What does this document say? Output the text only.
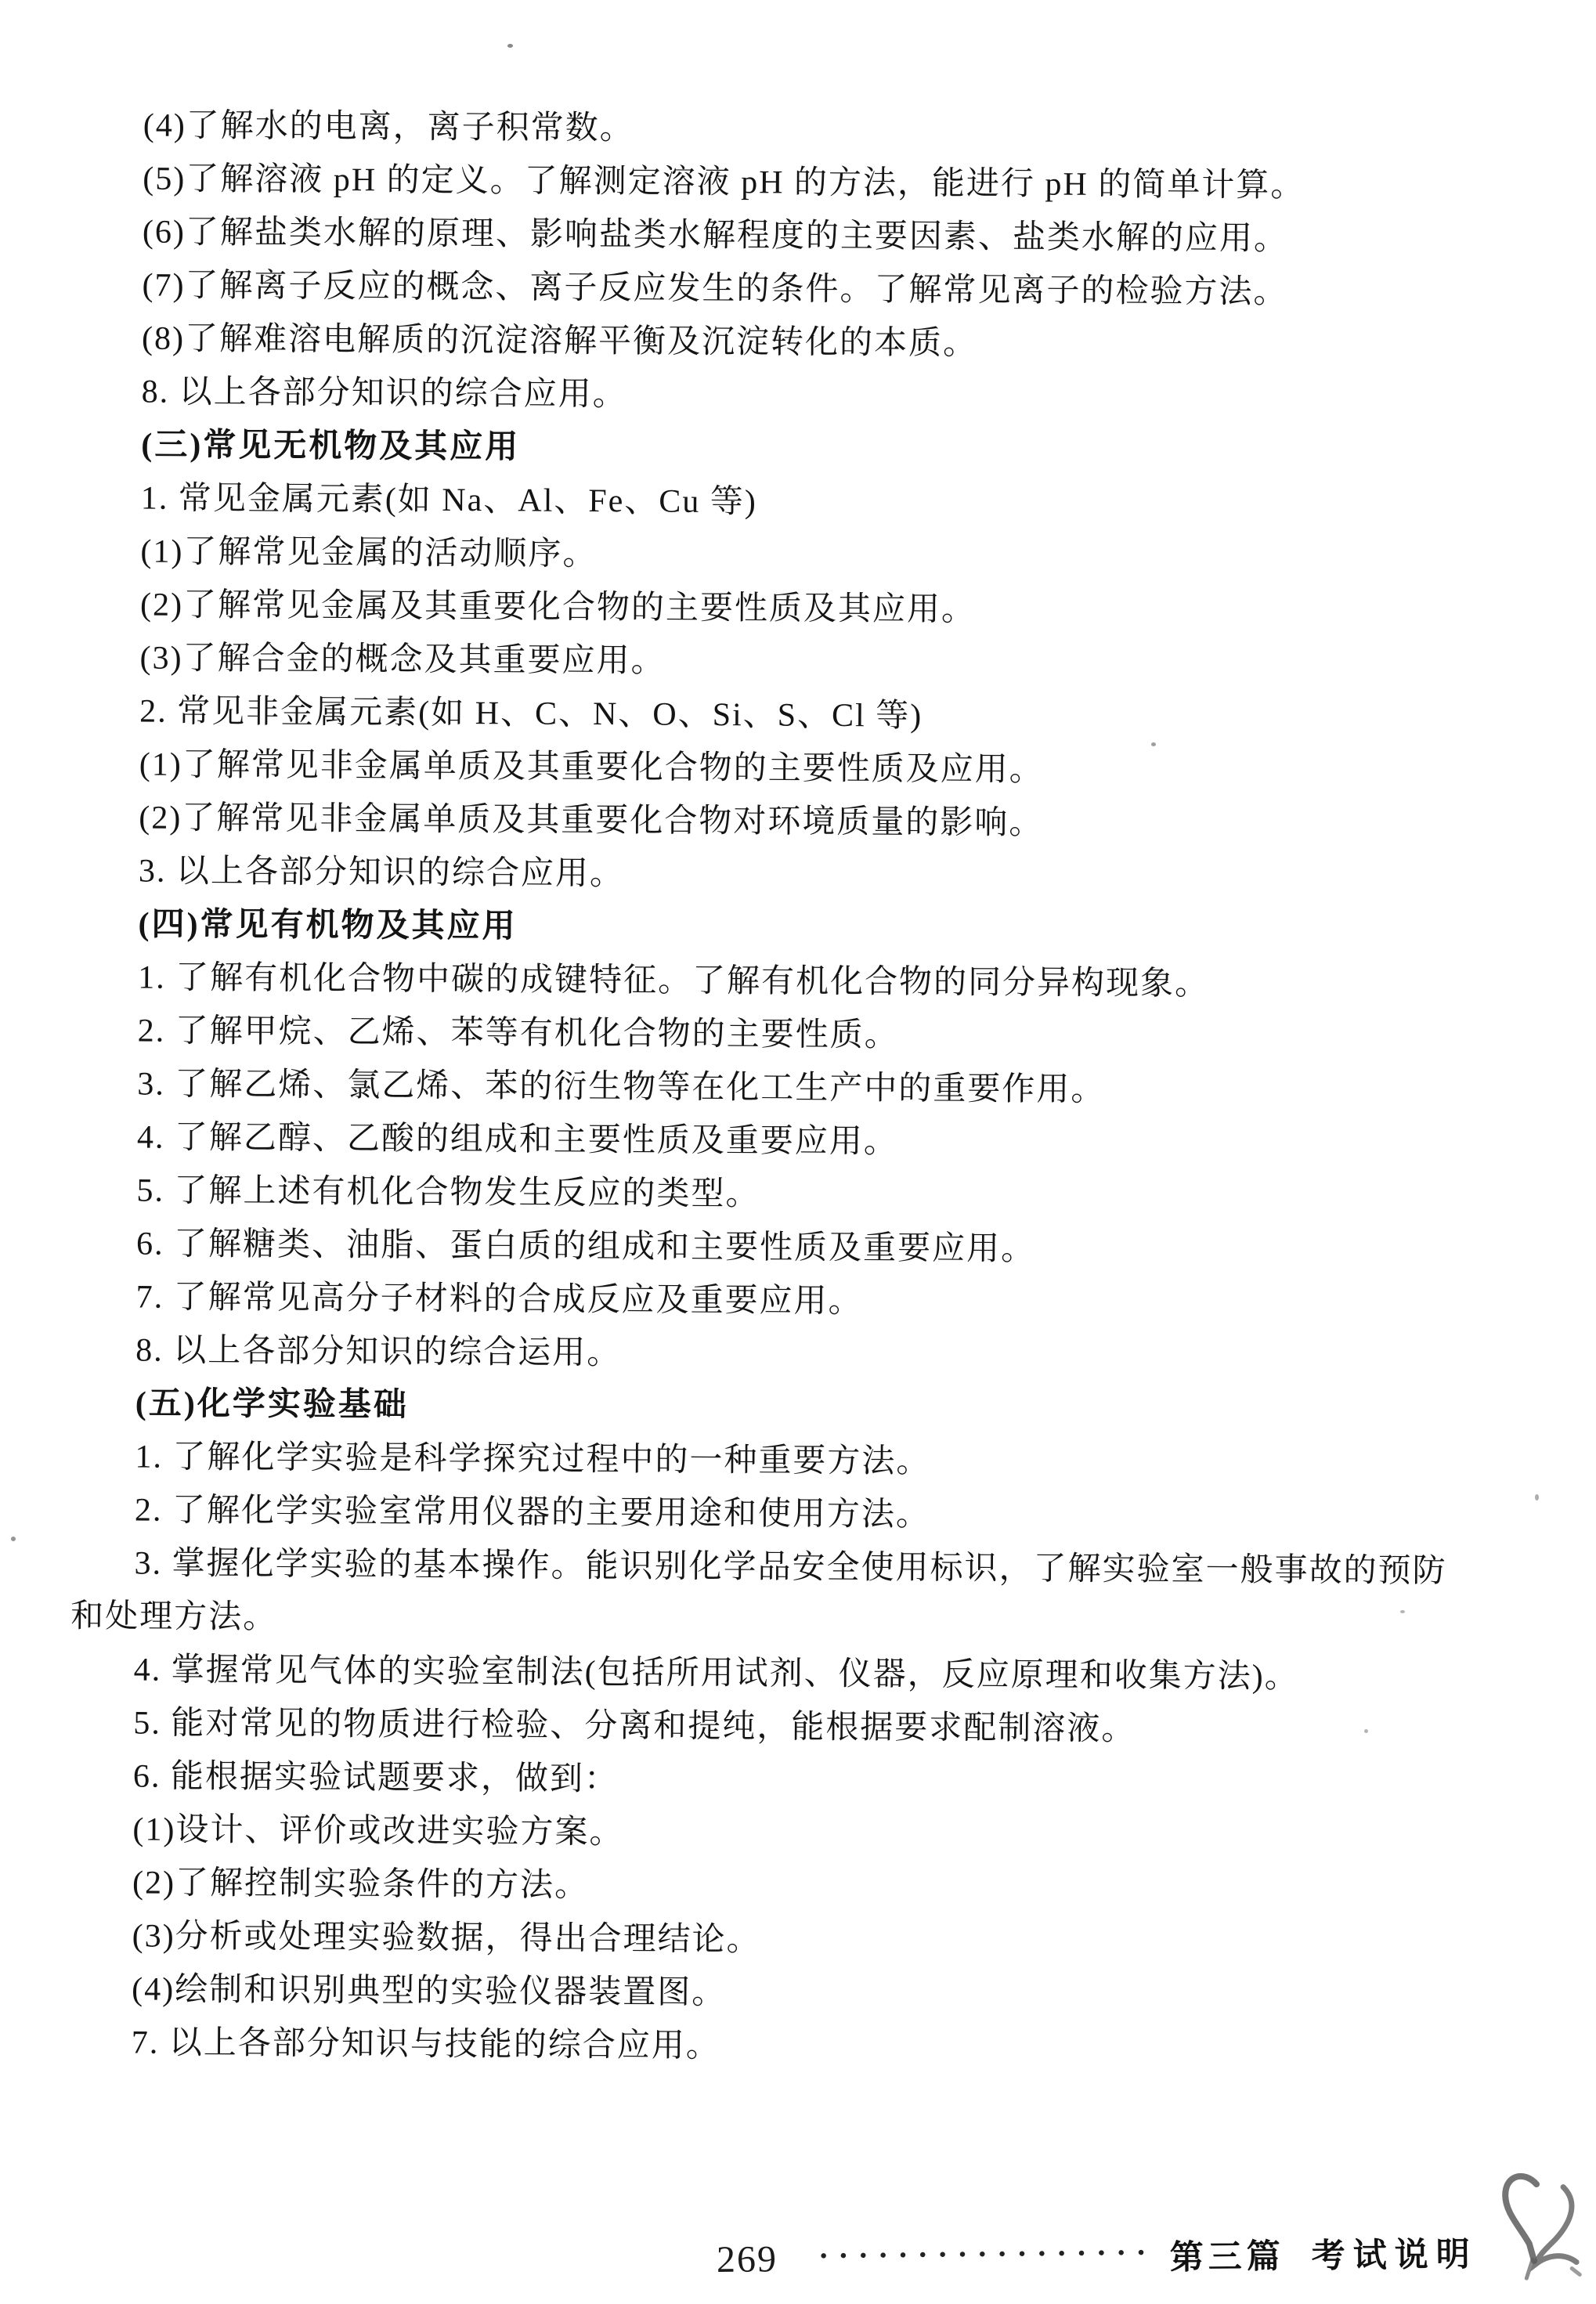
(4)了解水的电离，离子积常数。
(5)了解溶液 pH 的定义。了解测定溶液 pH 的方法，能进行 pH 的简单计算。
(6)了解盐类水解的原理、影响盐类水解程度的主要因素、盐类水解的应用。
(7)了解离子反应的概念、离子反应发生的条件。了解常见离子的检验方法。
(8)了解难溶电解质的沉淀溶解平衡及沉淀转化的本质。
8. 以上各部分知识的综合应用。
(三)常见无机物及其应用
1. 常见金属元素(如 Na、Al、Fe、Cu 等)
(1)了解常见金属的活动顺序。
(2)了解常见金属及其重要化合物的主要性质及其应用。
(3)了解合金的概念及其重要应用。
2. 常见非金属元素(如 H、C、N、O、Si、S、Cl 等)
(1)了解常见非金属单质及其重要化合物的主要性质及应用。
(2)了解常见非金属单质及其重要化合物对环境质量的影响。
3. 以上各部分知识的综合应用。
(四)常见有机物及其应用
1. 了解有机化合物中碳的成键特征。了解有机化合物的同分异构现象。
2. 了解甲烷、乙烯、苯等有机化合物的主要性质。
3. 了解乙烯、氯乙烯、苯的衍生物等在化工生产中的重要作用。
4. 了解乙醇、乙酸的组成和主要性质及重要应用。
5. 了解上述有机化合物发生反应的类型。
6. 了解糖类、油脂、蛋白质的组成和主要性质及重要应用。
7. 了解常见高分子材料的合成反应及重要应用。
8. 以上各部分知识的综合运用。
(五)化学实验基础
1. 了解化学实验是科学探究过程中的一种重要方法。
2. 了解化学实验室常用仪器的主要用途和使用方法。
3. 掌握化学实验的基本操作。能识别化学品安全使用标识，了解实验室一般事故的预防
和处理方法。
4. 掌握常见气体的实验室制法(包括所用试剂、仪器，反应原理和收集方法)。
5. 能对常见的物质进行检验、分离和提纯，能根据要求配制溶液。
6. 能根据实验试题要求，做到：
(1)设计、评价或改进实验方案。
(2)了解控制实验条件的方法。
(3)分析或处理实验数据，得出合理结论。
(4)绘制和识别典型的实验仪器装置图。
7. 以上各部分知识与技能的综合应用。
269 ················· 第三篇 考试说明
